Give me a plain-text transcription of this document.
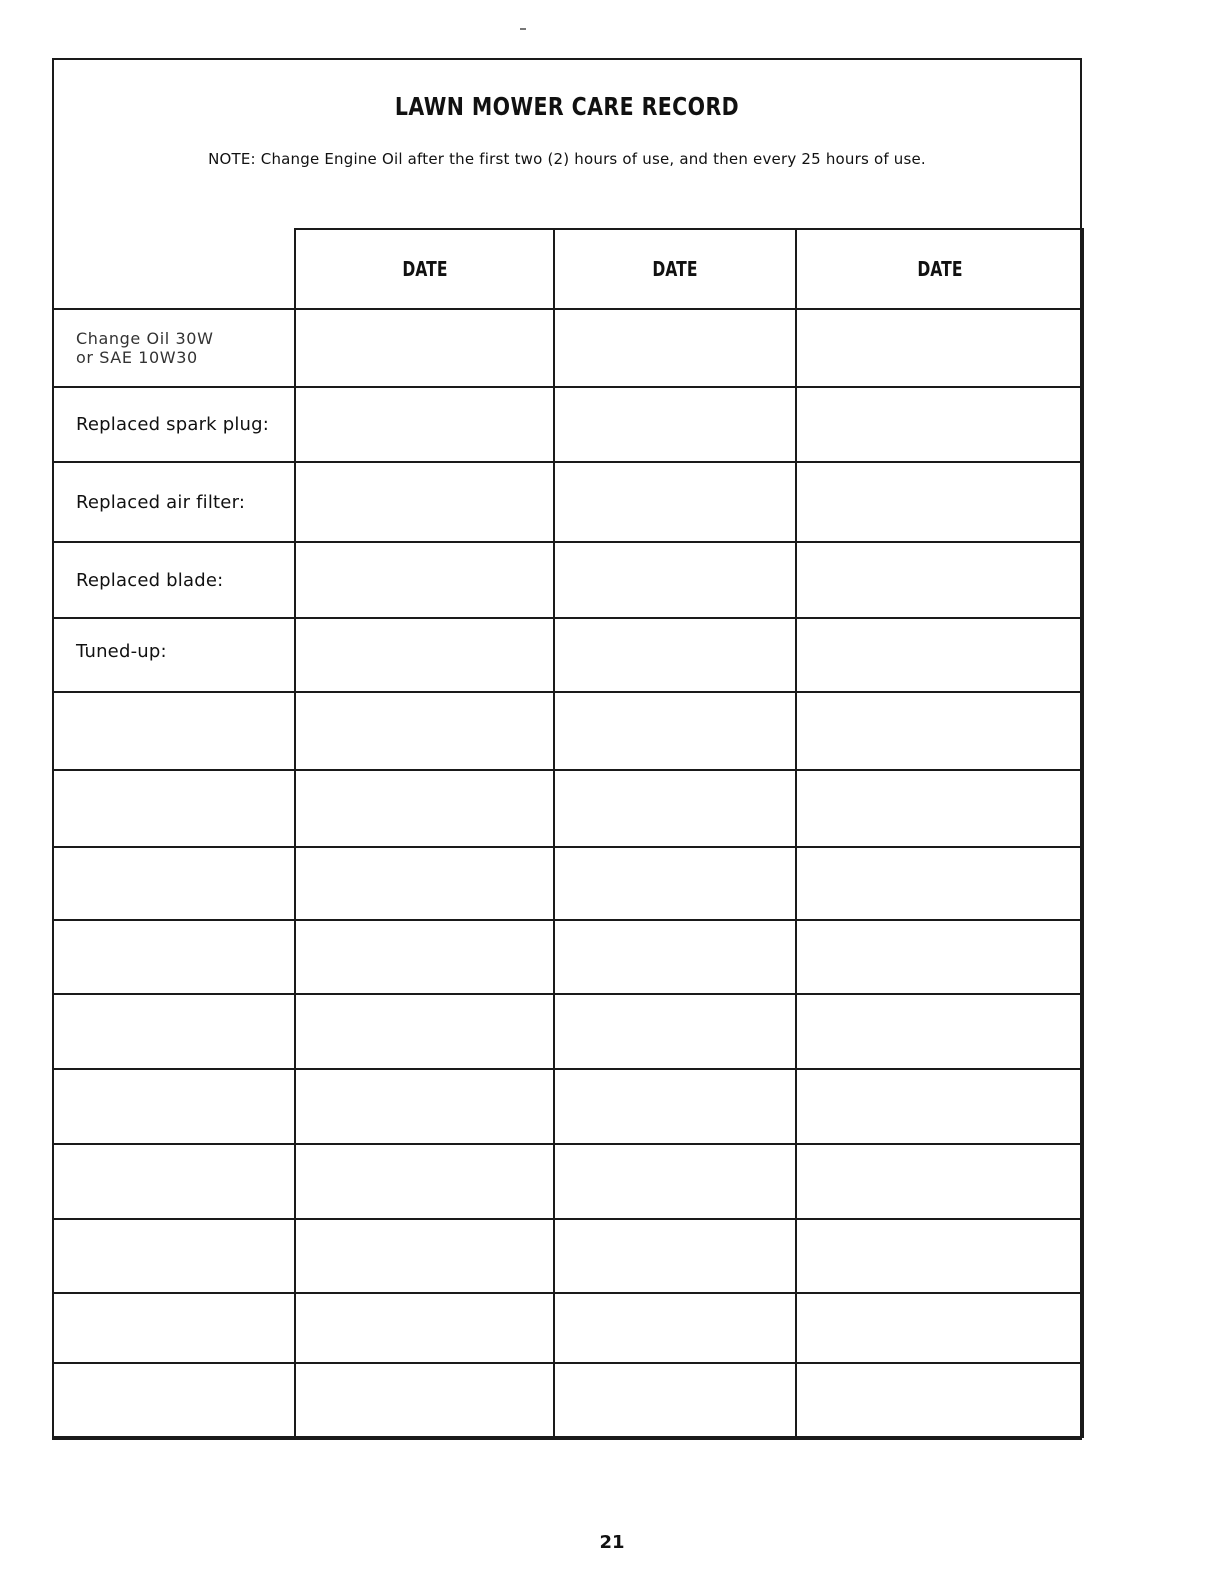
LAWN MOWER CARE RECORD
NOTE: Change Engine Oil after the first two (2) hours of use, and then every 25 hours of use.
	DATE	DATE	DATE

Change Oil 30W
or SAE 10W30			

Replaced spark plug:			
Replaced air filter:			
Replaced blade:			
Tuned-up:			

21
